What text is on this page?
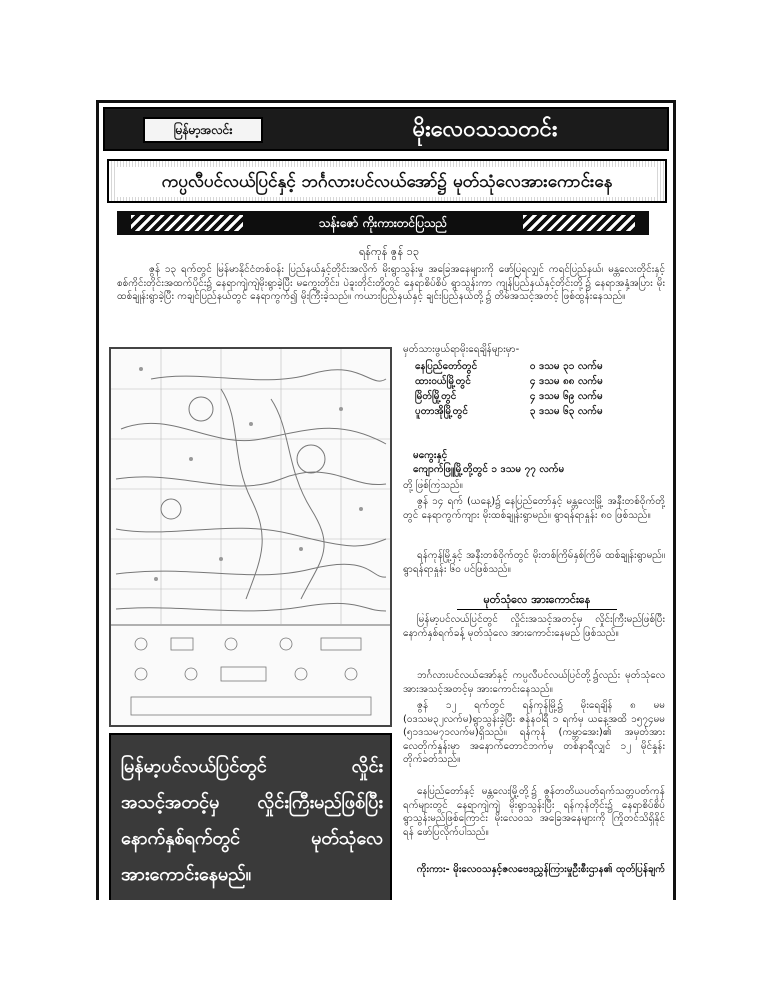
မြန်မာ့အလင်း	မိုးလေဝသသတင်း
ကပ္ပလီပင်လယ်ပြင်နှင့် ဘင်္ဂလားပင်လယ်အော်၌ မုတ်သုံလေအားကောင်းနေ
သန်းဇော် ကိုးကားတင်ပြသည်
ရန်ကုန် ဇွန် ၁၃

ဇွန် ၁၃ ရက်တွင် မြန်မာနိုင်ငံတစ်ဝန်း ပြည်နယ်နှင့်တိုင်းအလိုက် မိုးရွာသွန်းမှု အခြေအနေများကို ဖော်ပြရလျှင် ကရင်ပြည်နယ်၊ မန္တလေးတိုင်းနှင့် စစ်ကိုင်းတိုင်းအထက်ပိုင်း၌ နေရာကျဲကျဲမိုးရွာခဲ့ပြီး မကွေးတိုင်း၊ ပဲခူးတိုင်းတို့တွင် နေရာစိပ်စိပ် ရွာသွန်းကာ ကျန်ပြည်နယ်နှင့်တိုင်းတို့၌ နေရာအနှံ့အပြား မိုးထစ်ချုန်းရွာခဲ့ပြီး ကချင်ပြည်နယ်တွင် နေရာကွက်၍ မိုးကြီးခဲ့သည်။ ကယားပြည်နယ်နှင့် ချင်းပြည်နယ်တို့၌ တိမ်အသင့်အတင့် ဖြစ်ထွန်းနေသည်။

မြန်မာ့ပင်လယ်ပြင်တွင် လှိုင်းအသင့်အတင့်မှ လှိုင်းကြီးမည်ဖြစ်ပြီး နောက်နှစ်ရက်တွင် မုတ်သုံလေ အားကောင်းနေမည်။

မှတ်သားဖွယ်ရာမိုးရေချိန်များမှာ-

နေပြည်တော်တွင်	၀ ဒသမ ၃၁ လက်မ
ထားဝယ်မြို့တွင်	၄ ဒသမ ၈၈ လက်မ
မြိတ်မြို့တွင်	၄ ဒသမ ၆၉ လက်မ
ပူတာအိုမြို့တွင်	၃ ဒသမ ၆၃ လက်မ
မကွေးနှင့်
ကျောက်ဖြူမြို့တို့တွင် ၁ ဒသမ ၇၇ လက်မ

တို့ ဖြစ်ကြသည်။

ဇွန် ၁၄ ရက် (ယနေ့)၌ နေပြည်တော်နှင့် မန္တလေးမြို့ အနီးတစ်ဝိုက်တို့တွင် နေရာကွက်ကျား မိုးထစ်ချုန်းရွာမည်။ ရွာရန်ရာနှုန်း ၈၀ ဖြစ်သည်။

ရန်ကုန်မြို့နှင့် အနီးတစ်ဝိုက်တွင် မိုးတစ်ကြိမ်နှစ်ကြိမ် ထစ်ချုန်းရွာမည်။ ရွာရန်ရာနှုန်း ၆၀ ပင်ဖြစ်သည်။

မုတ်သုံလေ အားကောင်းနေ

မြန်မာ့ပင်လယ်ပြင်တွင် လှိုင်းအသင့်အတင့်မှ လှိုင်းကြီးမည်ဖြစ်ပြီး နောက်နှစ်ရက်ခန့် မုတ်သုံလေ အားကောင်းနေမည် ဖြစ်သည်။

ဘင်္ဂလားပင်လယ်အော်နှင့် ကပ္ပလီပင်လယ်ပြင်တို့၌လည်း မုတ်သုံလေ အားအသင့်အတင့်မှ အားကောင်းနေသည်။

ဇွန် ၁၂ ရက်တွင် ရန်ကုန်မြို့၌ မိုးရေချိန် ၈ မမ (၀ဒသမ၃၂လက်မ)ရွာသွန်းခဲ့ပြီး ဇန်နဝါရီ ၁ ရက်မှ ယနေ့အထိ ၁၅၇၄မမ (၅၁ဒသမ၇၁လက်မ)ရှိသည်။ ရန်ကုန် (ကမ္ဘာအေး)၏ အမှတ်အားလေတိုက်နှုန်းမှာ အနောက်တောင်ဘက်မှ တစ်နာရီလျှင် ၁၂ မိုင်နှုန်း တိုက်ခတ်သည်။

နေပြည်တော်နှင့် မန္တလေးမြို့တို့၌ ဇွန်တတိယပတ်ရက်သတ္တပတ်ကုန်ရက်များတွင် နေရာကျဲကျဲ မိုးရွာသွန်းပြီး ရန်ကုန်တိုင်း၌ နေရာစိပ်စိပ် ရွာသွန်းမည်ဖြစ်ကြောင်း မိုးလေဝသ အခြေအနေများကို ကြိုတင်သိရှိနိုင်ရန် ဖော်ပြလိုက်ပါသည်။

ကိုးကား- မိုးလေဝသနှင့်ဇလဗေဒညွှန်ကြားမှုဦးစီးဌာန၏ ထုတ်ပြန်ချက်
